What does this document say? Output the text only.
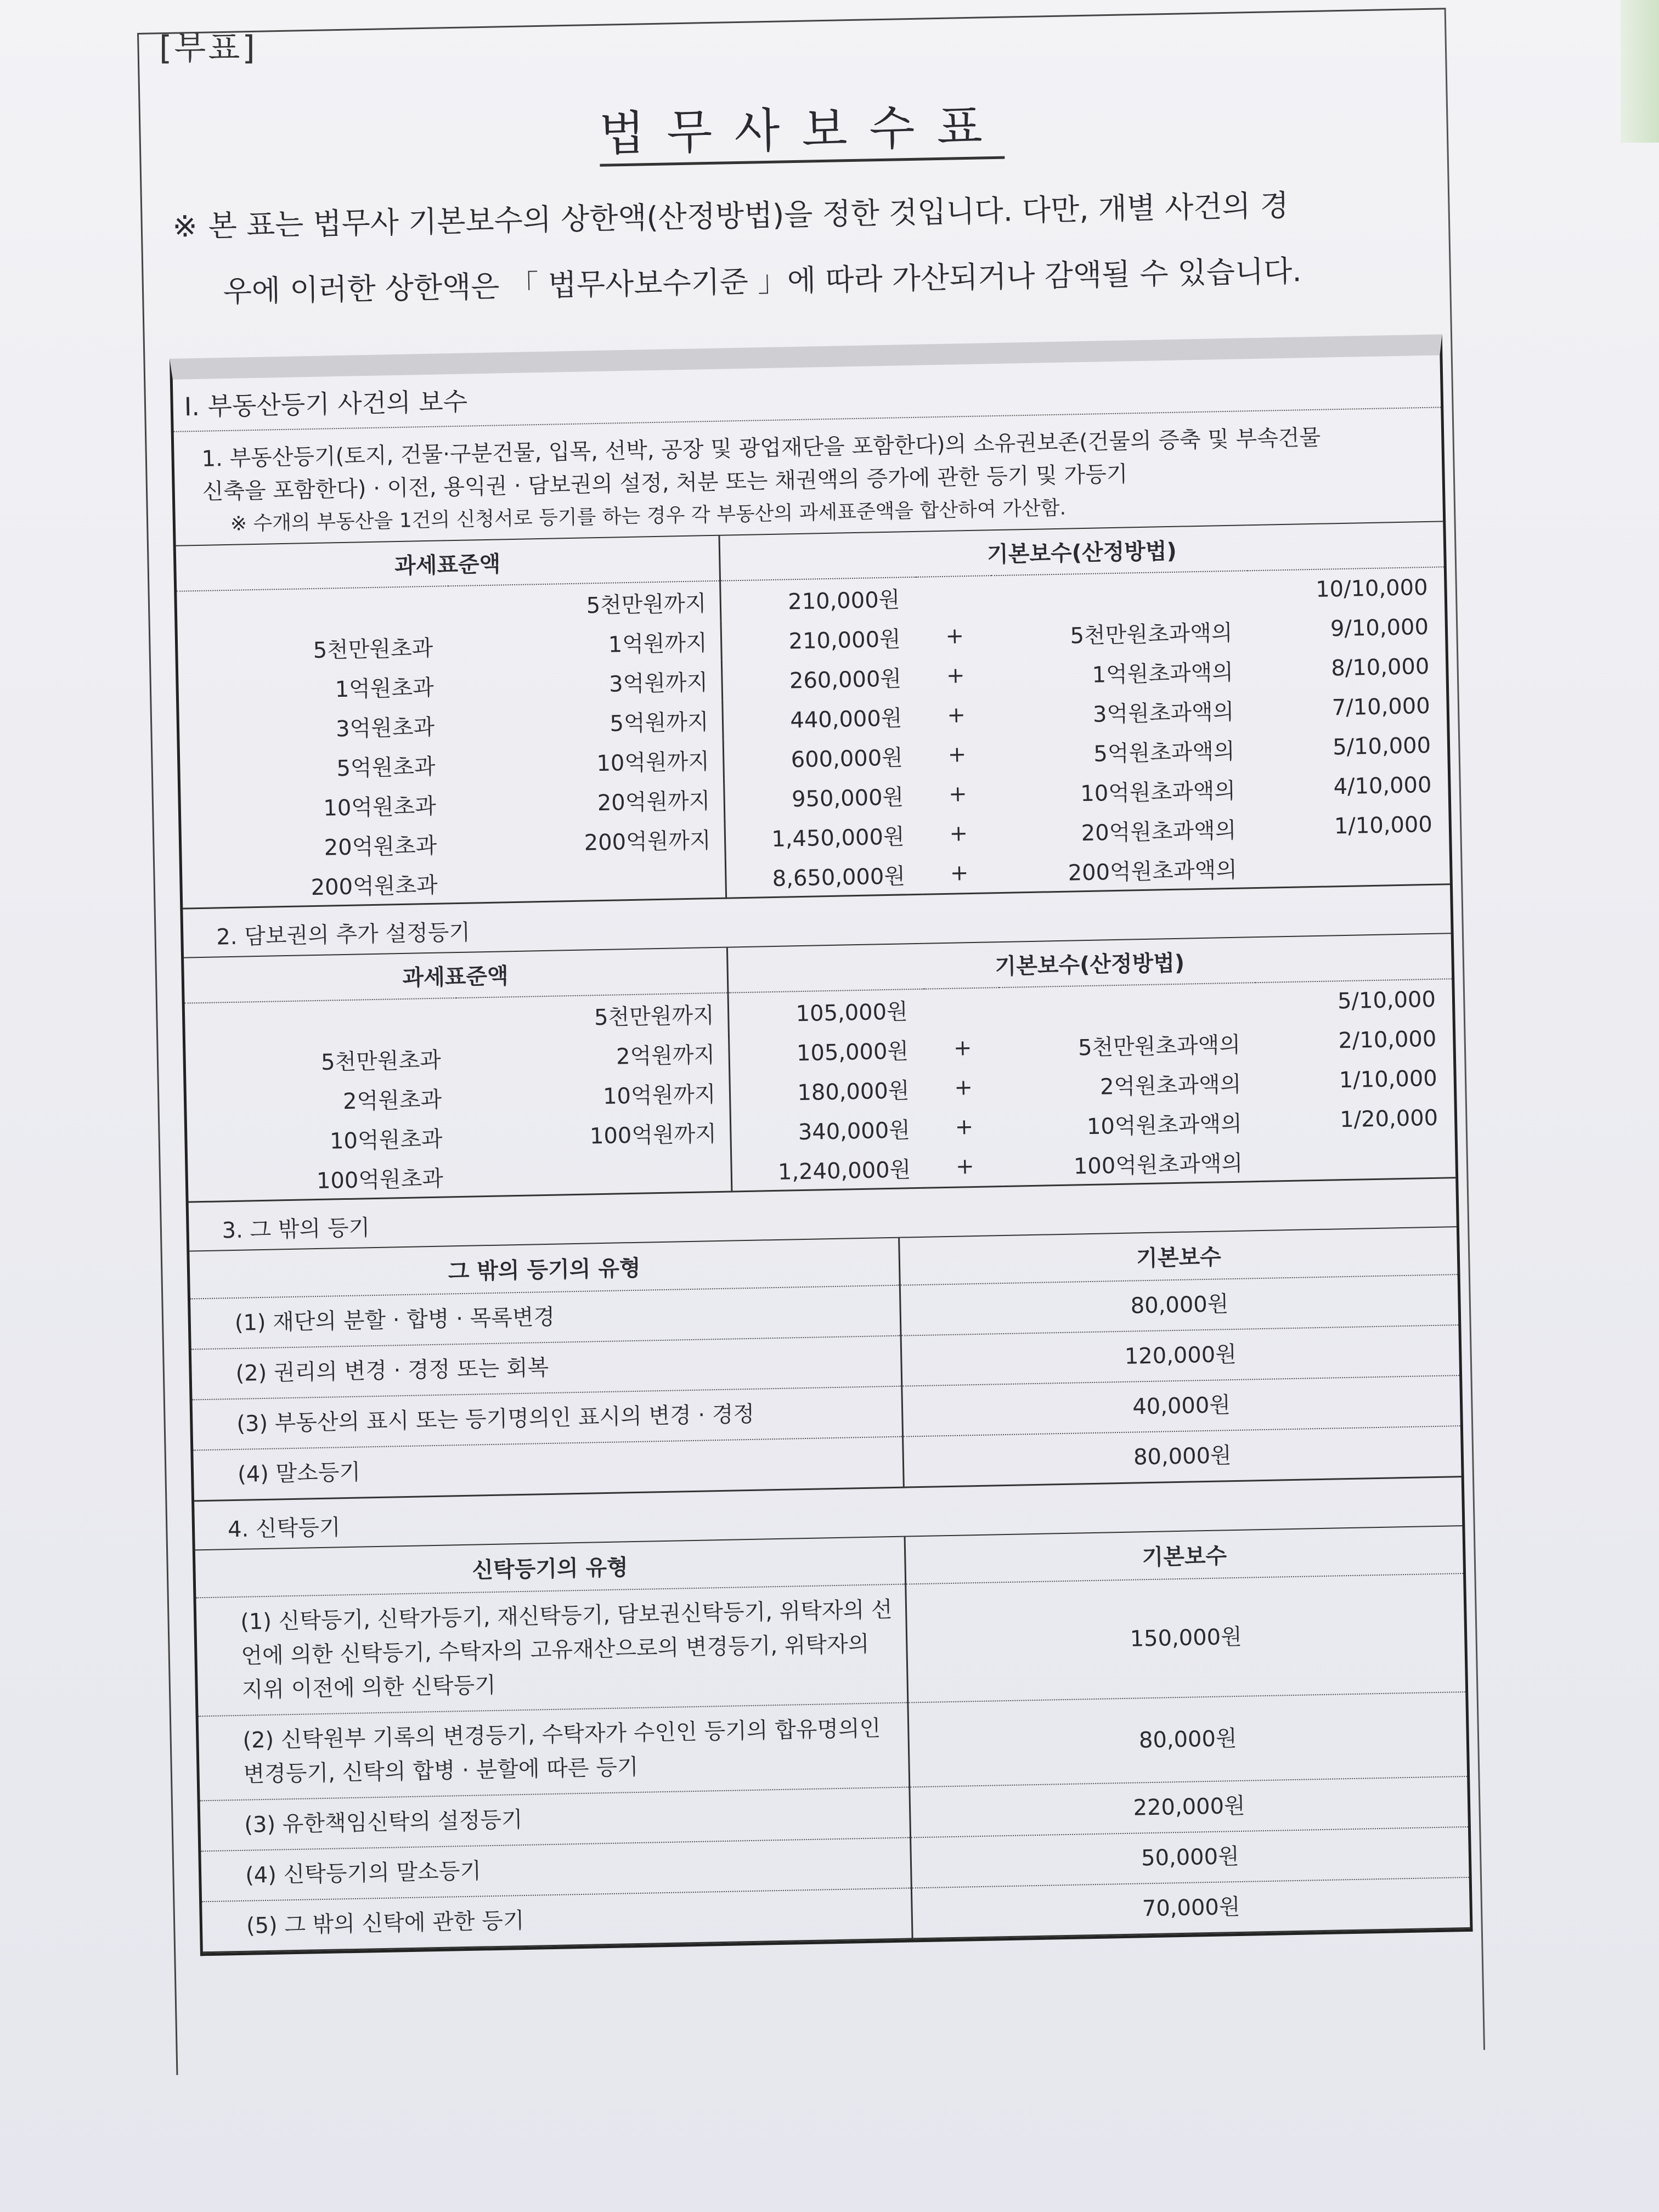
[부표]
법무사보수표
※ 본 표는 법무사 기본보수의 상한액(산정방법)을 정한 것입니다. 다만, 개별 사건의 경
우에 이러한 상한액은 「 법무사보수기준 」에 따라 가산되거나 감액될 수 있습니다.
Ⅰ. 부동산등기 사건의 보수
1. 부동산등기(토지, 건물·구분건물, 입목, 선박, 공장 및 광업재단을 포함한다)의 소유권보존(건물의 증축 및 부속건물
신축을 포함한다) · 이전, 용익권 · 담보권의 설정, 처분 또는 채권액의 증가에 관한 등기 및 가등기
※ 수개의 부동산을 1건의 신청서로 등기를 하는 경우 각 부동산의 과세표준액을 합산하여 가산함.
과세표준액		기본보수(산정방법)			
	5천만원까지	210,000원			10/10,000
5천만원초과	1억원까지	210,000원	+	5천만원초과액의	9/10,000
1억원초과	3억원까지	260,000원	+	1억원초과액의	8/10,000
3억원초과	5억원까지	440,000원	+	3억원초과액의	7/10,000
5억원초과	10억원까지	600,000원	+	5억원초과액의	5/10,000
10억원초과	20억원까지	950,000원	+	10억원초과액의	4/10,000
20억원초과	200억원까지	1,450,000원	+	20억원초과액의	1/10,000
200억원초과		8,650,000원	+	200억원초과액의	
2. 담보권의 추가 설정등기
과세표준액		기본보수(산정방법)			
	5천만원까지	105,000원			5/10,000
5천만원초과	2억원까지	105,000원	+	5천만원초과액의	2/10,000
2억원초과	10억원까지	180,000원	+	2억원초과액의	1/10,000
10억원초과	100억원까지	340,000원	+	10억원초과액의	1/20,000
100억원초과		1,240,000원	+	100억원초과액의	
3. 그 밖의 등기
그 밖의 등기의 유형	기본보수
(1) 재단의 분할 · 합병 · 목록변경	80,000원
(2) 권리의 변경 · 경정 또는 회복	120,000원
(3) 부동산의 표시 또는 등기명의인 표시의 변경 · 경정	40,000원
(4) 말소등기	80,000원
4. 신탁등기
신탁등기의 유형	기본보수
(1) 신탁등기, 신탁가등기, 재신탁등기, 담보권신탁등기, 위탁자의 선언에 의한 신탁등기, 수탁자의 고유재산으로의 변경등기, 위탁자의 지위 이전에 의한 신탁등기	150,000원
(2) 신탁원부 기록의 변경등기, 수탁자가 수인인 등기의 합유명의인 변경등기, 신탁의 합병 · 분할에 따른 등기	80,000원
(3) 유한책임신탁의 설정등기	220,000원
(4) 신탁등기의 말소등기	50,000원
(5) 그 밖의 신탁에 관한 등기	70,000원
